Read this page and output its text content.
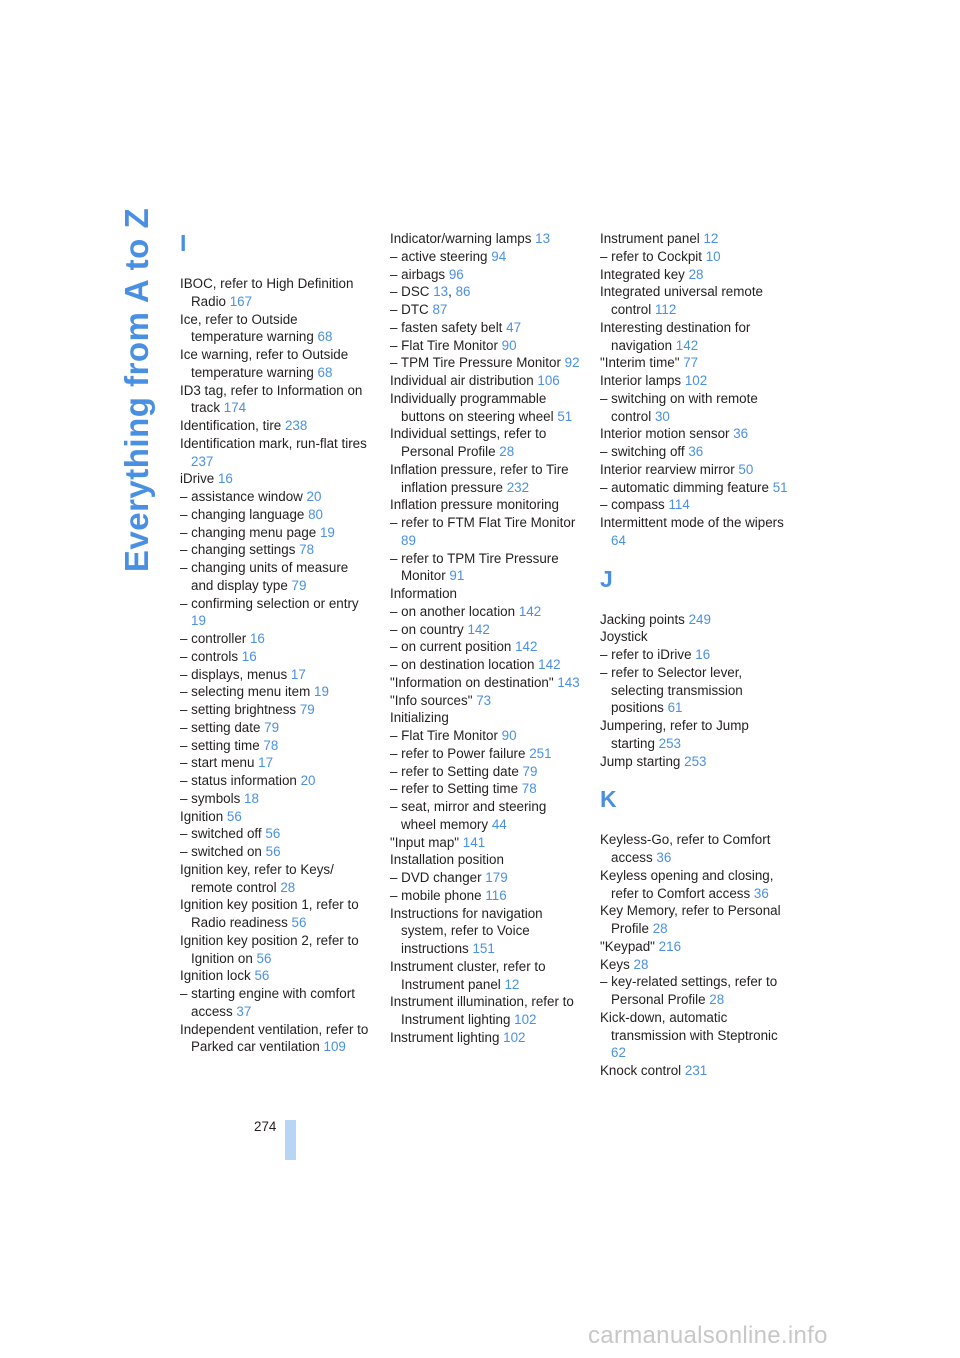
Everything from A to Z I
IBOC, refer to High Definition Radio 167
Ice, refer to Outside temperature warning 68
Ice warning, refer to Outside temperature warning 68
ID3 tag, refer to Information on track 174
Identification, tire 238
Identification mark, run-flat tires237
iDrive 16
– assistance window 20
– changing language 80
– changing menu page 19
– changing settings 78
– changing units of measure and display type 79
– confirming selection or entry19
– controller 16
– controls 16
– displays, menus 17
– selecting menu item 19
– setting brightness 79
– setting date 79
– setting time 78
– start menu 17
– status information 20
– symbols 18
Ignition 56
– switched off 56
– switched on 56
Ignition key, refer to Keys/ remote control 28
Ignition key position 1, refer to Radio readiness 56
Ignition key position 2, refer to Ignition on 56
Ignition lock 56
– starting engine with comfort access 37
Independent ventilation, refer to Parked car ventilation 109
Indicator/warning lamps 13
– active steering 94
– airbags 96
– DSC 13, 86
– DTC 87
– fasten safety belt 47
– Flat Tire Monitor 90
– TPM Tire Pressure Monitor 92
Individual air distribution 106
Individually programmable buttons on steering wheel 51
Individual settings, refer to Personal Profile 28
Inflation pressure, refer to Tire inflation pressure 232
Inflation pressure monitoring
– refer to FTM Flat Tire Monitor89
– refer to TPM Tire Pressure Monitor 91
Information
– on another location 142
– on country 142
– on current position 142
– on destination location 142
"Information on destination" 143
"Info sources" 73
Initializing
– Flat Tire Monitor 90
– refer to Power failure 251
– refer to Setting date 79
– refer to Setting time 78
– seat, mirror and steering wheel memory 44
"Input map" 141
Installation position
– DVD changer 179
– mobile phone 116
Instructions for navigation system, refer to Voice instructions 151
Instrument cluster, refer to Instrument panel 12
Instrument illumination, refer to Instrument lighting 102
Instrument lighting 102
Instrument panel 12
– refer to Cockpit 10
Integrated key 28
Integrated universal remote control 112
Interesting destination for navigation 142
"Interim time" 77
Interior lamps 102
– switching on with remote control 30
Interior motion sensor 36
– switching off 36
Interior rearview mirror 50
– automatic dimming feature 51
– compass 114
Intermittent mode of the wipers64
J
Jacking points 249
Joystick
– refer to iDrive 16
– refer to Selector lever, selecting transmission positions 61
Jumpering, refer to Jump starting 253
Jump starting 253
K
Keyless-Go, refer to Comfort access 36
Keyless opening and closing, refer to Comfort access 36
Key Memory, refer to Personal Profile 28
"Keypad" 216
Keys 28
– key-related settings, refer to Personal Profile 28
Kick-down, automatic transmission with Steptronic62
Knock control 231
274
carmanualsonline.info
